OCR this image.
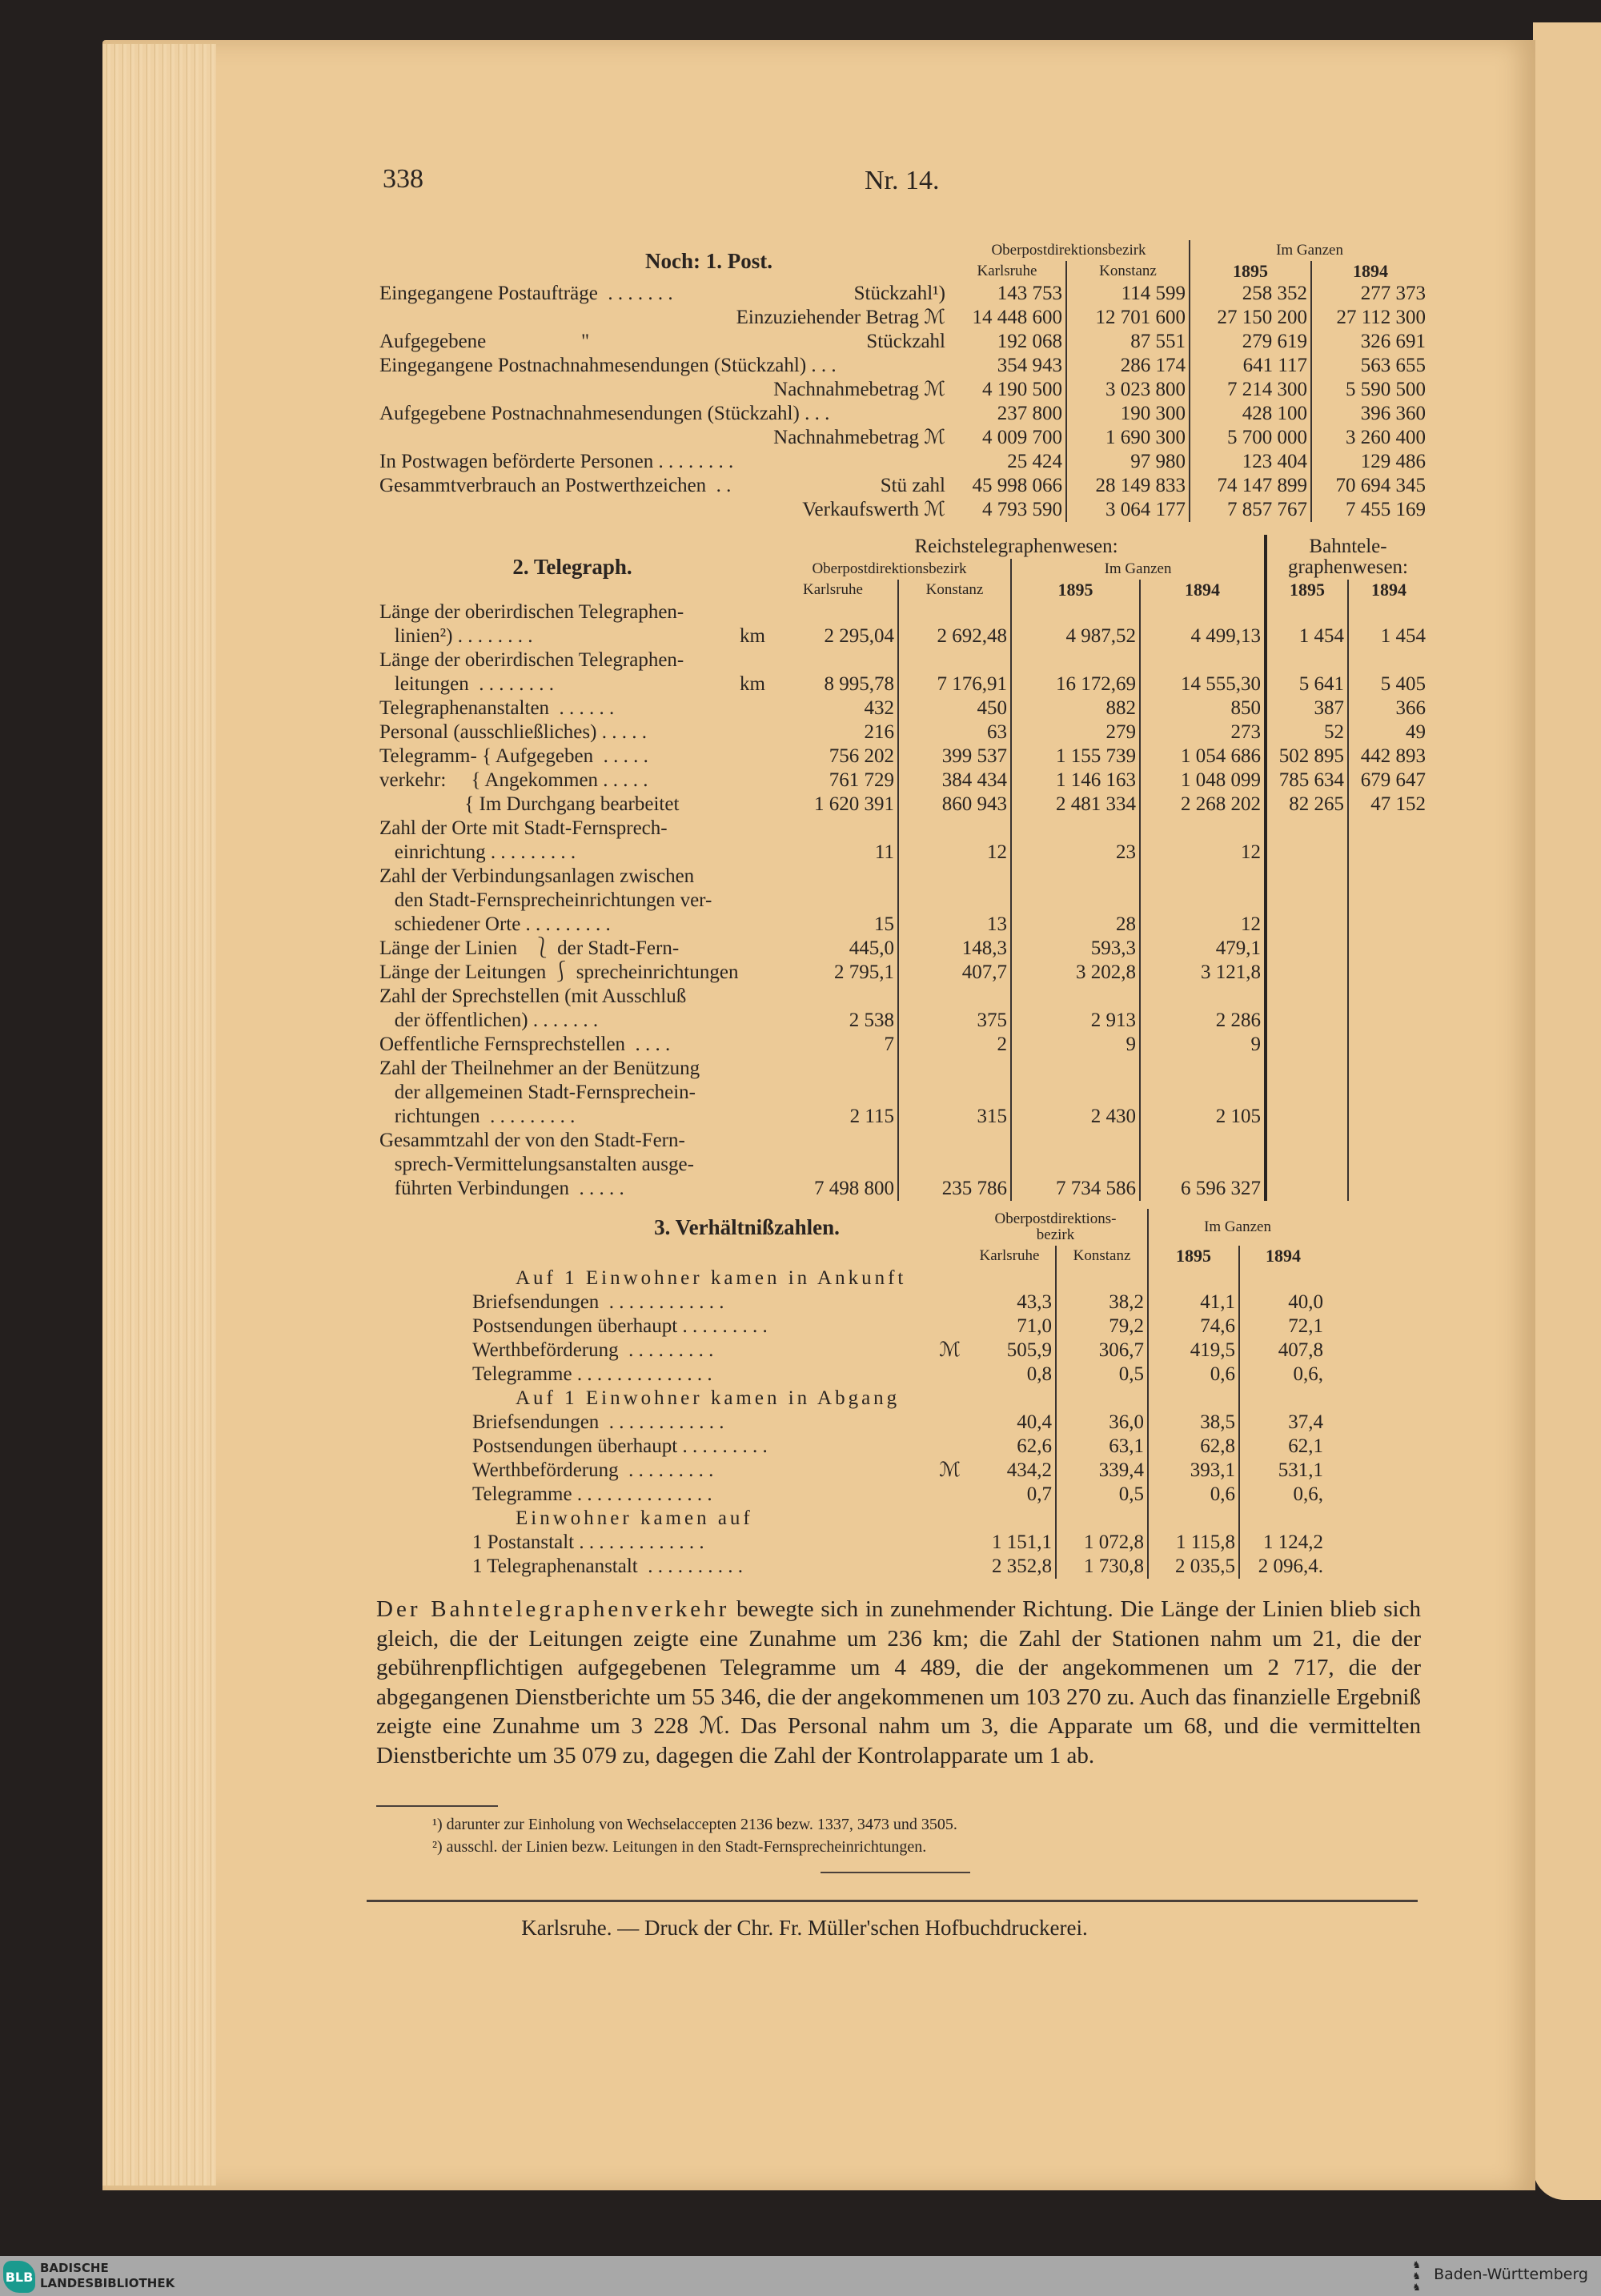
338	Nr. 14.
Noch: 1. Post.	Oberpostdirektionsbezirk		Im Ganzen	
	Karlsruhe	Konstanz	1895	1894
Eingegangene Postaufträge  . . . . . . . Stückzahl¹)	143 753	114 599	258 352	277 373

Einzuziehender Betrag ℳ	14 448 600	12 701 600	27 150 200	27 112 300
Aufgegebene                   " Stückzahl	192 068	87 551	279 619	326 691
Eingegangene Postnachnahmesendungen (Stückzahl) . . .	354 943	286 174	641 117	563 655

Nachnahmebetrag ℳ	4 190 500	3 023 800	7 214 300	5 590 500
Aufgegebene Postnachnahmesendungen (Stückzahl) . . .	237 800	190 300	428 100	396 360

Nachnahmebetrag ℳ	4 009 700	1 690 300	5 700 000	3 260 400
In Postwagen beförderte Personen . . . . . . . .	25 424	97 980	123 404	129 486
Gesammtverbrauch an Postwerthzeichen  . . Stü zahl	45 998 066	28 149 833	74 147 899	70 694 345

Verkaufswerth ℳ	4 793 590	3 064 177	7 857 767	7 455 169
	Reichstelegraphenwesen:				Bahntele-
graphenwesen:	
2. Telegraph.	Oberpostdirektionsbezirk		Im Ganzen			
	Karlsruhe	Konstanz	1895	1894	1895	1894
Länge der oberirdischen Telegraphen-
linien²) . . . . . . . . km	2 295,04	2 692,48	4 987,52	4 499,13	1 454	1 454
Länge der oberirdischen Telegraphen-
leitungen  . . . . . . . . km	8 995,78	7 176,91	16 172,69	14 555,30	5 641	5 405
Telegraphenanstalten  . . . . . .	432	450	882	850	387	366
Personal (ausschließliches) . . . . .	216	63	279	273	52	49
Telegramm- { Aufgegeben  . . . . .	756 202	399 537	1 155 739	1 054 686	502 895	442 893
verkehr:     { Angekommen . . . . .	761 729	384 434	1 146 163	1 048 099	785 634	679 647
{ Im Durchgang bearbeitet	1 620 391	860 943	2 481 334	2 268 202	82 265	47 152
Zahl der Orte mit Stadt-Fernsprech-
einrichtung . . . . . . . . .	11	12	23	12		
Zahl der Verbindungsanlagen zwischen
den Stadt-Fernsprecheinrichtungen ver-
schiedener Orte . . . . . . . . .	15	13	28	12		
Länge der Linien   ⎱ der Stadt-Fern-	445,0	148,3	593,3	479,1		
Länge der Leitungen ⎰ sprecheinrichtungen	2 795,1	407,7	3 202,8	3 121,8		
Zahl der Sprechstellen (mit Ausschluß
der öffentlichen) . . . . . . .	2 538	375	2 913	2 286		
Oeffentliche Fernsprechstellen  . . . .	7	2	9	9		
Zahl der Theilnehmer an der Benützung
der allgemeinen Stadt-Fernsprechein-
richtungen  . . . . . . . . .	2 115	315	2 430	2 105		
Gesammtzahl der von den Stadt-Fern-
sprech-Vermittelungsanstalten ausge-
führten Verbindungen  . . . . .	7 498 800	235 786	7 734 586	6 596 327		
3. Verhältnißzahlen.	Oberpostdirektions-
bezirk		Im Ganzen	

	Karlsruhe	Konstanz	1895	1894
Auf 1 Einwohner kamen in Ankunft				
Briefsendungen  . . . . . . . . . . . .	43,3	38,2	41,1	40,0
Postsendungen überhaupt . . . . . . . . .	71,0	79,2	74,6	72,1
Werthbeförderung  . . . . . . . . . ℳ	505,9	306,7	419,5	407,8
Telegramme . . . . . . . . . . . . . .	0,8	0,5	0,6	0,6,
Auf 1 Einwohner kamen in Abgang				
Briefsendungen  . . . . . . . . . . . .	40,4	36,0	38,5	37,4
Postsendungen überhaupt . . . . . . . . .	62,6	63,1	62,8	62,1
Werthbeförderung  . . . . . . . . . ℳ	434,2	339,4	393,1	531,1
Telegramme . . . . . . . . . . . . . .	0,7	0,5	0,6	0,6,
Einwohner kamen auf				
1 Postanstalt . . . . . . . . . . . . .	1 151,1	1 072,8	1 115,8	1 124,2
1 Telegraphenanstalt  . . . . . . . . . .	2 352,8	1 730,8	2 035,5	2 096,4.
Der Bahntelegraphenverkehr bewegte sich in zunehmender Richtung. Die Länge der Linien blieb sich gleich, die der Leitungen zeigte eine Zunahme um 236 km; die Zahl der Stationen nahm um 21, die der gebührenpflichtigen aufgegebenen Telegramme um 4 489, die der angekommenen um 2 717, die der abgegangenen Dienstberichte um 55 346, die der angekommenen um 103 270 zu. Auch das finanzielle Ergebniß zeigte eine Zunahme um 3 228 ℳ. Das Personal nahm um 3, die Apparate um 68, und die vermittelten Dienstberichte um 35 079 zu, dagegen die Zahl der Kontrolapparate um 1 ab.
¹) darunter zur Einholung von Wechselaccepten 2136 bezw. 1337, 3473 und 3505.
²) ausschl. der Linien bezw. Leitungen in den Stadt-Fernsprecheinrichtungen.
Karlsruhe. — Druck der Chr. Fr. Müller'schen Hofbuchdruckerei.
BLB
BADISCHE
LANDESBIBLIOTHEK
♞
♞
♞
Baden-Württemberg
